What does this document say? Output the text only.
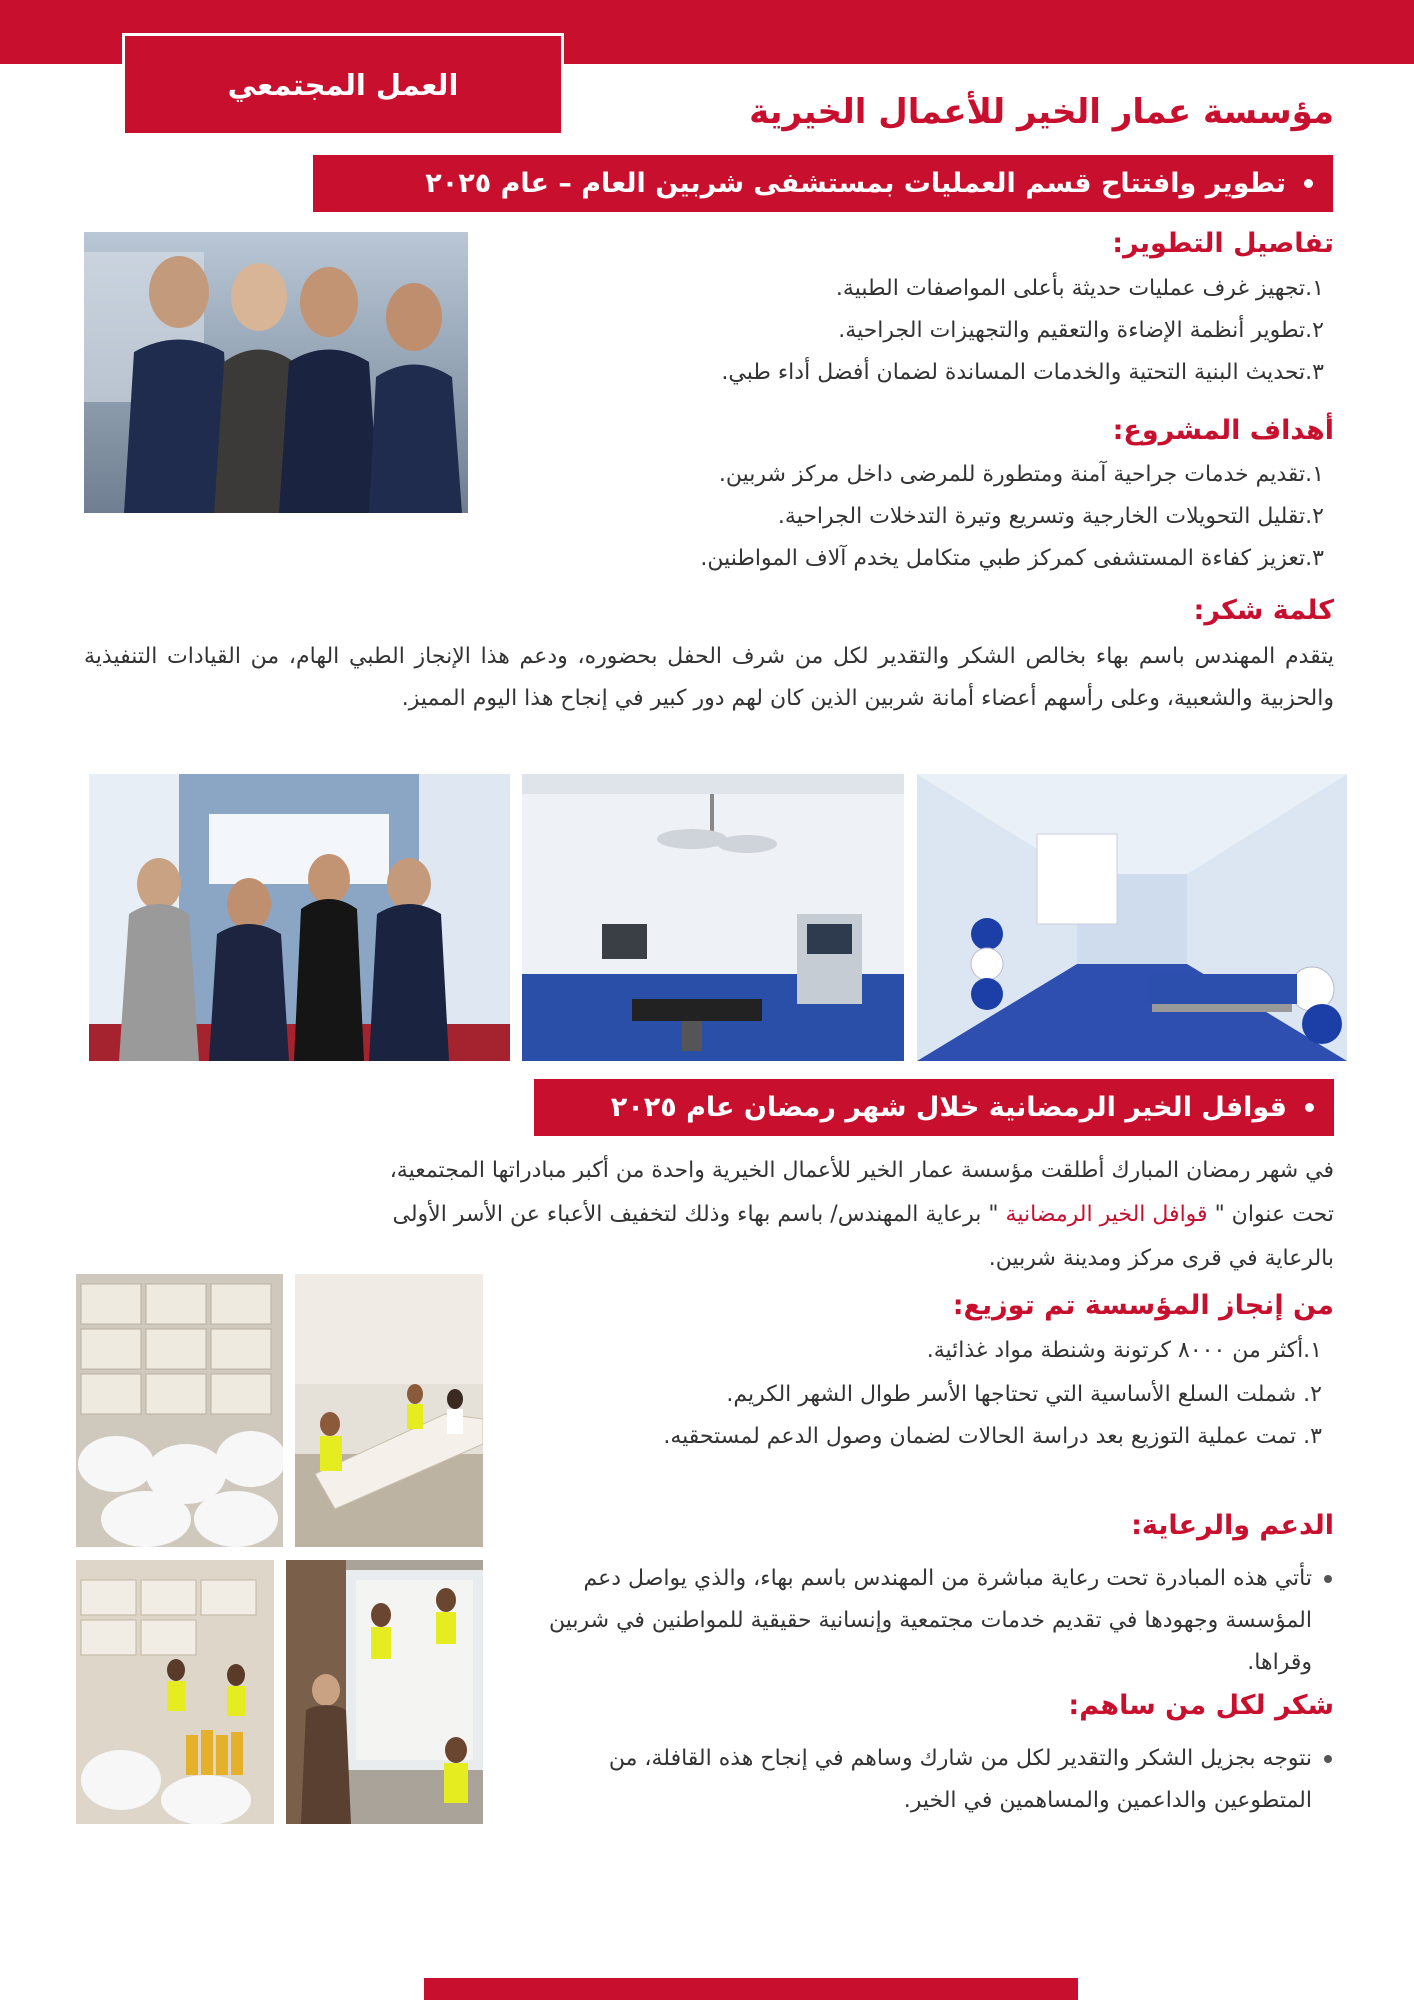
العمل المجتمعي
مؤسسة عمار الخير للأعمال الخيرية
تطوير وافتتاح قسم العمليات بمستشفى شربين العام – عام ٢٠٢٥
تفاصيل التطوير:
١.تجهيز غرف عمليات حديثة بأعلى المواصفات الطبية.
٢.تطوير أنظمة الإضاءة والتعقيم والتجهيزات الجراحية.
٣.تحديث البنية التحتية والخدمات المساندة لضمان أفضل أداء طبي.
أهداف المشروع:
١.تقديم خدمات جراحية آمنة ومتطورة للمرضى داخل مركز شربين.
٢.تقليل التحويلات الخارجية وتسريع وتيرة التدخلات الجراحية.
٣.تعزيز كفاءة المستشفى كمركز طبي متكامل يخدم آلاف المواطنين.
كلمة شكر:
يتقدم المهندس باسم بهاء بخالص الشكر والتقدير لكل من شرف الحفل بحضوره، ودعم هذا الإنجاز الطبي الهام، من القيادات التنفيذية والحزبية والشعبية، وعلى رأسهم أعضاء أمانة شربين الذين كان لهم دور كبير في إنجاح هذا اليوم المميز.
قوافل الخير الرمضانية خلال شهر رمضان عام ٢٠٢٥
في شهر رمضان المبارك أطلقت مؤسسة عمار الخير للأعمال الخيرية واحدة من أكبر مبادراتها المجتمعية،
تحت عنوان " قوافل الخير الرمضانية " برعاية المهندس/ باسم بهاء وذلك لتخفيف الأعباء عن الأسر الأولى
بالرعاية في قرى مركز ومدينة شربين.
من إنجاز المؤسسة تم توزيع:
١.أكثر من ٨٠٠٠ كرتونة وشنطة مواد غذائية.
٢. شملت السلع الأساسية التي تحتاجها الأسر طوال الشهر الكريم.
٣. تمت عملية التوزيع بعد دراسة الحالات لضمان وصول الدعم لمستحقيه.
الدعم والرعاية:
تأتي هذه المبادرة تحت رعاية مباشرة من المهندس باسم بهاء، والذي يواصل دعم المؤسسة وجهودها في تقديم خدمات مجتمعية وإنسانية حقيقية للمواطنين في شربين وقراها.
شكر لكل من ساهم:
نتوجه بجزيل الشكر والتقدير لكل من شارك وساهم في إنجاح هذه القافلة، من المتطوعين والداعمين والمساهمين في الخير.
